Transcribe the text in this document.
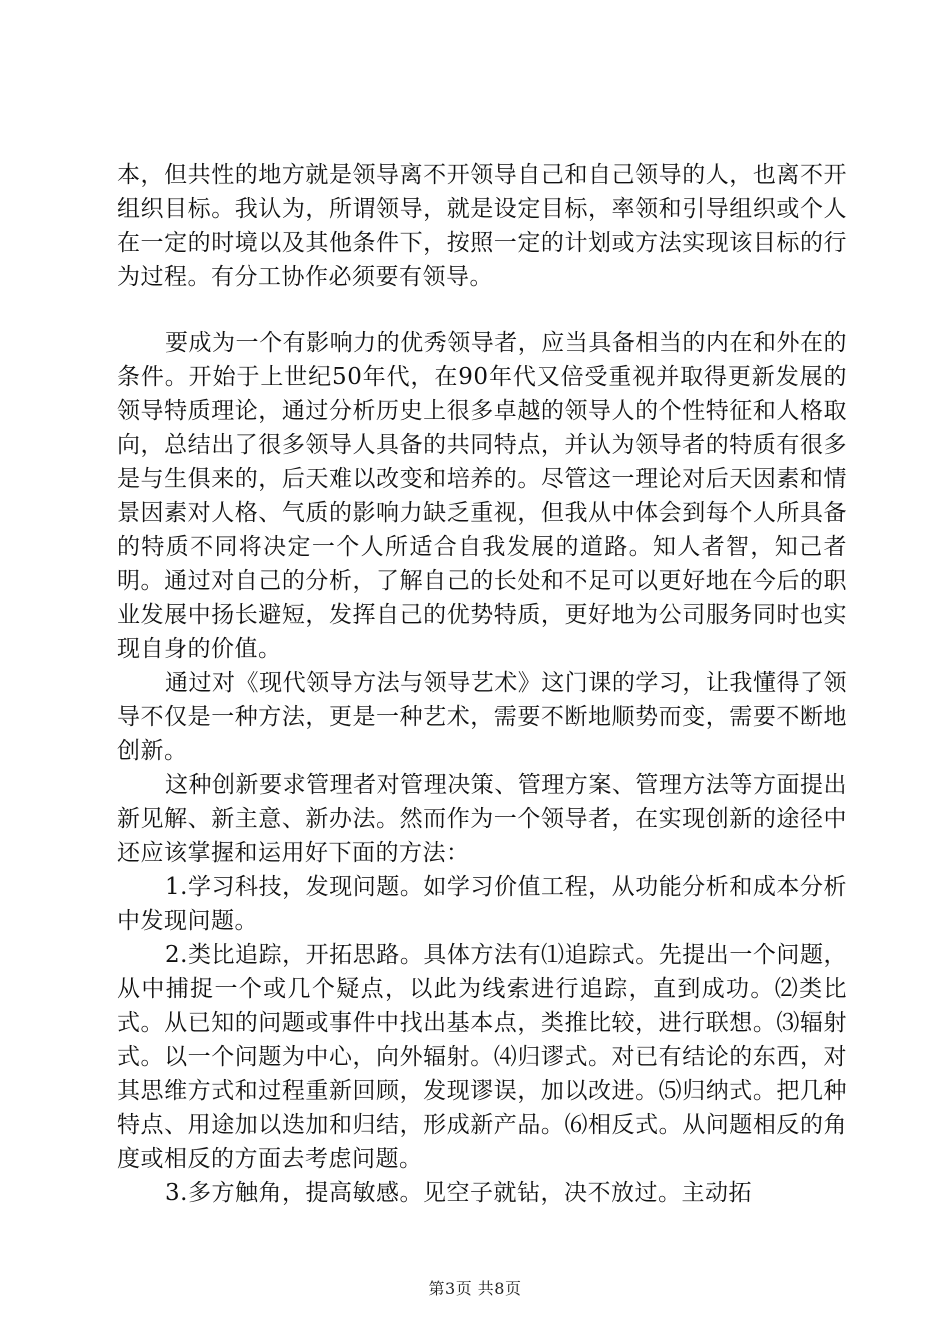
本，但共性的地方就是领导离不开领导自己和自己领导的人，也离不开组织目标。我认为，所谓领导，就是设定目标，率领和引导组织或个人在一定的时境以及其他条件下，按照一定的计划或方法实现该目标的行为过程。有分工协作必须要有领导。

要成为一个有影响力的优秀领导者，应当具备相当的内在和外在的条件。开始于上世纪50年代，在90年代又倍受重视并取得更新发展的领导特质理论，通过分析历史上很多卓越的领导人的个性特征和人格取向，总结出了很多领导人具备的共同特点，并认为领导者的特质有很多是与生俱来的，后天难以改变和培养的。尽管这一理论对后天因素和情景因素对人格、气质的影响力缺乏重视，但我从中体会到每个人所具备的特质不同将决定一个人所适合自我发展的道路。知人者智，知己者明。通过对自己的分析，了解自己的长处和不足可以更好地在今后的职业发展中扬长避短，发挥自己的优势特质，更好地为公司服务同时也实现自身的价值。

通过对《现代领导方法与领导艺术》这门课的学习，让我懂得了领导不仅是一种方法，更是一种艺术，需要不断地顺势而变，需要不断地创新。

这种创新要求管理者对管理决策、管理方案、管理方法等方面提出新见解、新主意、新办法。然而作为一个领导者，在实现创新的途径中还应该掌握和运用好下面的方法：

1.学习科技，发现问题。如学习价值工程，从功能分析和成本分析中发现问题。

2.类比追踪，开拓思路。具体方法有⑴追踪式。先提出一个问题，从中捕捉一个或几个疑点，以此为线索进行追踪，直到成功。⑵类比式。从已知的问题或事件中找出基本点，类推比较，进行联想。⑶辐射式。以一个问题为中心，向外辐射。⑷归谬式。对已有结论的东西，对其思维方式和过程重新回顾，发现谬误，加以改进。⑸归纳式。把几种特点、用途加以迭加和归结，形成新产品。⑹相反式。从问题相反的角度或相反的方面去考虑问题。

3.多方触角，提高敏感。见空子就钻，决不放过。主动拓

第3页 共8页
